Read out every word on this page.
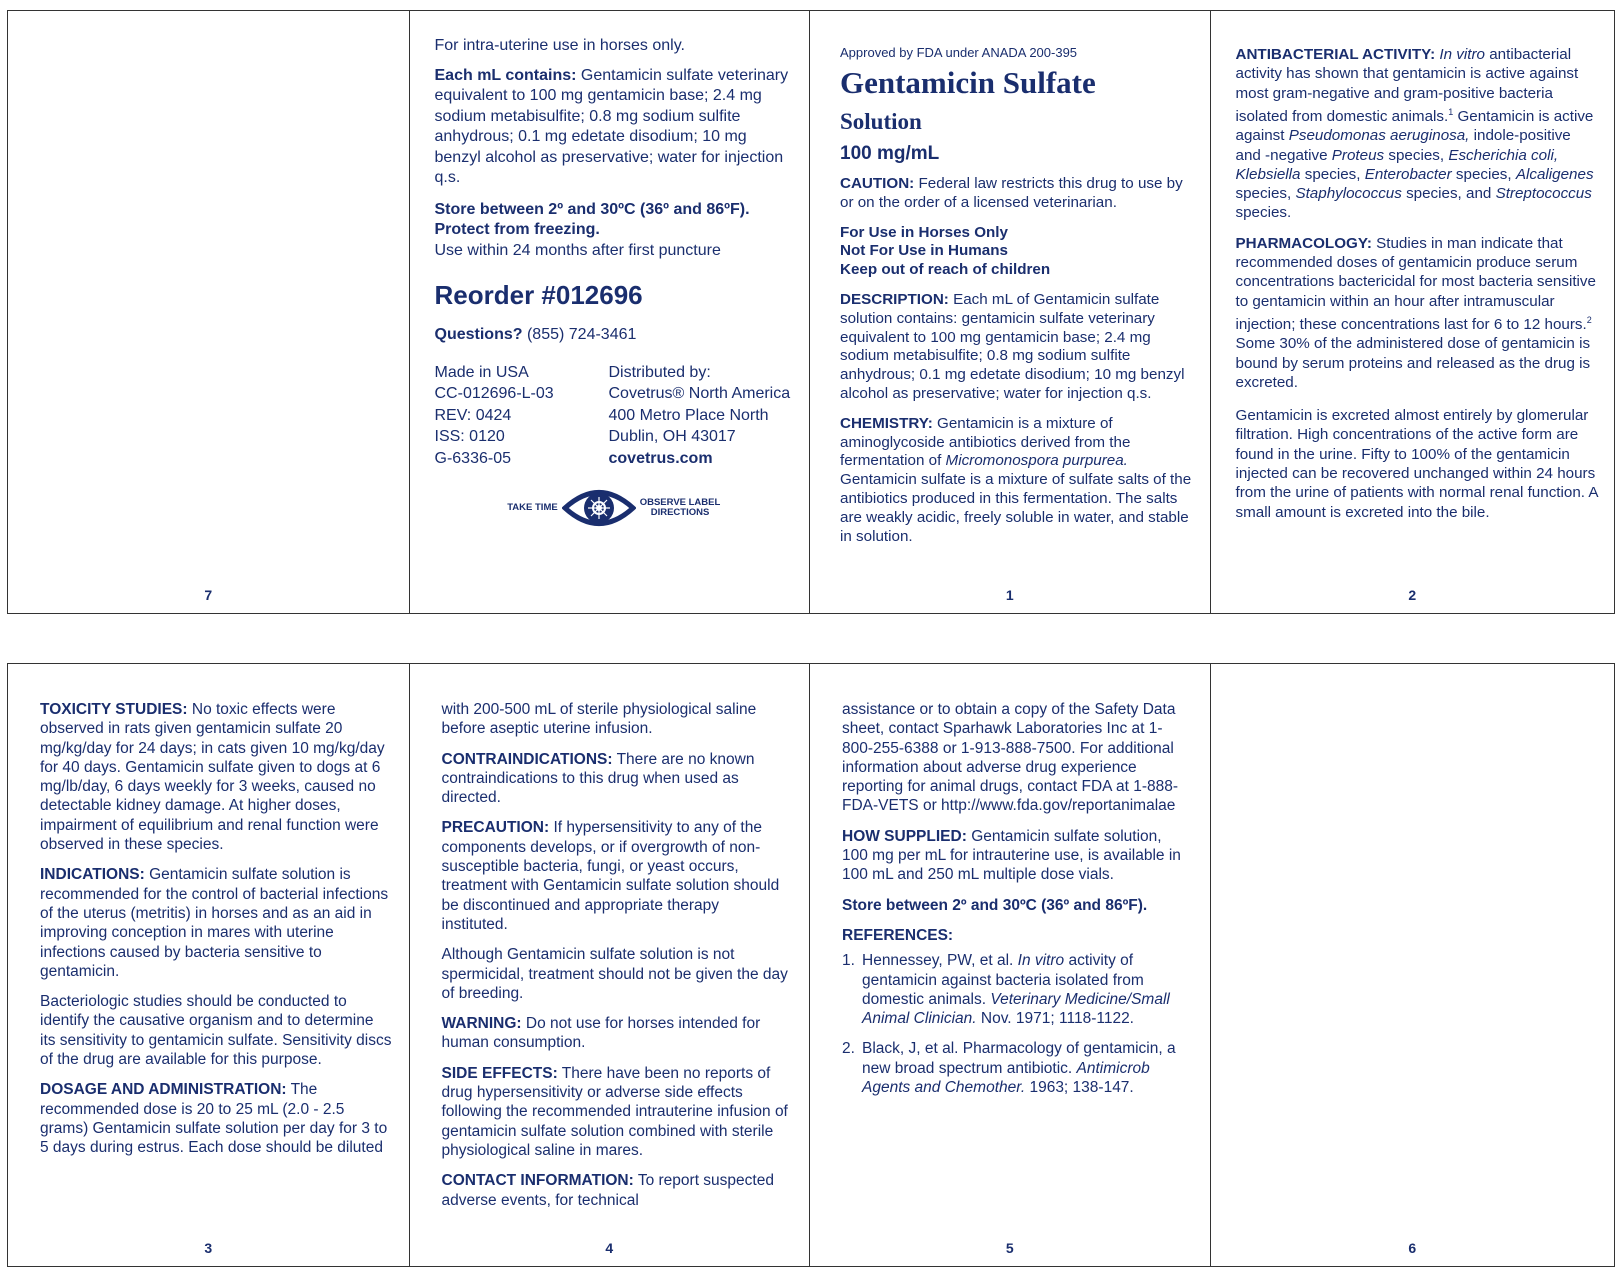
7

For intra-uterine use in horses only.

Each mL contains: Gentamicin sulfate veterinary equivalent to 100 mg gentamicin base; 2.4 mg sodium metabisulfite; 0.8 mg sodium sulfite anhydrous; 0.1 mg edetate disodium; 10 mg benzyl alcohol as preservative; water for injection q.s.

Store between 2º and 30ºC (36º and 86ºF).
Protect from freezing.
Use within 24 months after first puncture
Reorder #012696

Questions? (855) 724-3461

Made in USA
CC-012696-L-03
REV: 0424
ISS: 0120
G-6336-05
Distributed by:
Covetrus® North America
400 Metro Place North
Dublin, OH 43017
covetrus.com
TAKE TIME	OBSERVE LABEL
DIRECTIONS
Approved by FDA under ANADA 200-395
Gentamicin Sulfate
Solution
100 mg/mL

CAUTION: Federal law restricts this drug to use by or on the order of a licensed veterinarian.

For Use in Horses Only
Not For Use in Humans
Keep out of reach of children

DESCRIPTION: Each mL of Gentamicin sulfate solution contains: gentamicin sulfate veterinary equivalent to 100 mg gentamicin base; 2.4 mg sodium metabisulfite; 0.8 mg sodium sulfite anhydrous; 0.1 mg edetate disodium; 10 mg benzyl alcohol as preservative; water for injection q.s.

CHEMISTRY: Gentamicin is a mixture of aminoglycoside antibiotics derived from the fermentation of Micromonospora purpurea. Gentamicin sulfate is a mixture of sulfate salts of the antibiotics produced in this fermentation. The salts are weakly acidic, freely soluble in water, and stable in solution.

1

ANTIBACTERIAL ACTIVITY: In vitro antibacterial activity has shown that gentamicin is active against most gram-negative and gram-positive bacteria isolated from domestic animals.$^1$ Gentamicin is active against Pseudomonas aeruginosa, indole-positive and -negative Proteus species, Escherichia coli, Klebsiella species, Enterobacter species, Alcaligenes species, Staphylococcus species, and Streptococcus species.

PHARMACOLOGY: Studies in man indicate that recommended doses of gentamicin produce serum concentrations bactericidal for most bacteria sensitive to gentamicin within an hour after intramuscular injection; these concentrations last for 6 to 12 hours.$^2$ Some 30% of the administered dose of gentamicin is bound by serum proteins and released as the drug is excreted.

Gentamicin is excreted almost entirely by glomerular filtration. High concentrations of the active form are found in the urine. Fifty to 100% of the gentamicin injected can be recovered unchanged within 24 hours from the urine of patients with normal renal function. A small amount is excreted into the bile.

2

TOXICITY STUDIES: No toxic effects were observed in rats given gentamicin sulfate 20 mg/kg/day for 24 days; in cats given 10 mg/kg/day for 40 days. Gentamicin sulfate given to dogs at 6 mg/lb/day, 6 days weekly for 3 weeks, caused no detectable kidney damage. At higher doses, impairment of equilibrium and renal function were observed in these species.

INDICATIONS: Gentamicin sulfate solution is recommended for the control of bacterial infections of the uterus (metritis) in horses and as an aid in improving conception in mares with uterine infections caused by bacteria sensitive to gentamicin.

Bacteriologic studies should be conducted to identify the causative organism and to determine its sensitivity to gentamicin sulfate. Sensitivity discs of the drug are available for this purpose.

DOSAGE AND ADMINISTRATION: The recommended dose is 20 to 25 mL (2.0 - 2.5 grams) Gentamicin sulfate solution per day for 3 to 5 days during estrus. Each dose should be diluted

3

with 200-500 mL of sterile physiological saline before aseptic uterine infusion.

CONTRAINDICATIONS: There are no known contraindications to this drug when used as directed.

PRECAUTION: If hypersensitivity to any of the components develops, or if overgrowth of non-susceptible bacteria, fungi, or yeast occurs, treatment with Gentamicin sulfate solution should be discontinued and appropriate therapy instituted.

Although Gentamicin sulfate solution is not spermicidal, treatment should not be given the day of breeding.

WARNING: Do not use for horses intended for human consumption.

SIDE EFFECTS: There have been no reports of drug hypersensitivity or adverse side effects following the recommended intrauterine infusion of gentamicin sulfate solution combined with sterile physiological saline in mares.

CONTACT INFORMATION: To report suspected adverse events, for technical

4

assistance or to obtain a copy of the Safety Data sheet, contact Sparhawk Laboratories Inc at 1-800-255-6388 or 1-913-888-7500. For additional information about adverse drug experience reporting for animal drugs, contact FDA at 1-888-FDA-VETS or http://www.fda.gov/reportanimalae

HOW SUPPLIED: Gentamicin sulfate solution, 100 mg per mL for intrauterine use, is available in 100 mL and 250 mL multiple dose vials.

Store between 2º and 30ºC (36º and 86ºF).

REFERENCES:
1. Hennessey, PW, et al. In vitro activity of gentamicin against bacteria isolated from domestic animals. Veterinary Medicine/Small Animal Clinician. Nov. 1971; 1118-1122.
2. Black, J, et al. Pharmacology of gentamicin, a new broad spectrum antibiotic. Antimicrob Agents and Chemother. 1963; 138-147.
5	6
